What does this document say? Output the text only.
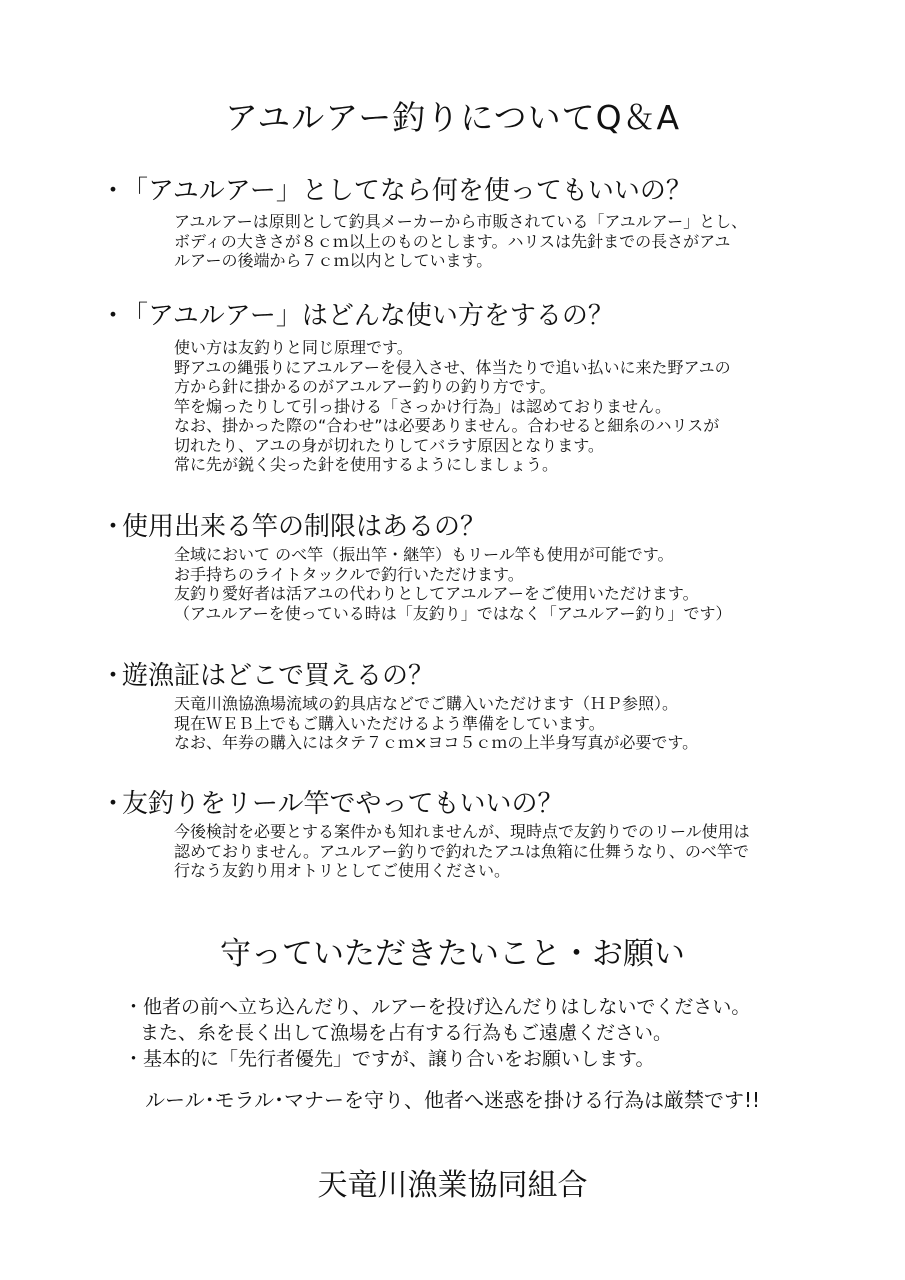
アユルアー釣りについてQ＆A
・「アユルアー」としてなら何を使ってもいいの？
アユルアーは原則として釣具メーカーから市販されている「アユルアー」とし、
ボディの大きさが８ｃｍ以上のものとします。ハリスは先針までの長さがアユ
ルアーの後端から７ｃｍ以内としています。
・「アユルアー」はどんな使い方をするの？
使い方は友釣りと同じ原理です。
野アユの縄張りにアユルアーを侵入させ、体当たりで追い払いに来た野アユの
方から針に掛かるのがアユルアー釣りの釣り方です。
竿を煽ったりして引っ掛ける「さっかけ行為」は認めておりません。
なお、掛かった際の“合わせ”は必要ありません。合わせると細糸のハリスが
切れたり、アユの身が切れたりしてバラす原因となります。
常に先が鋭く尖った針を使用するようにしましょう。
・使用出来る竿の制限はあるの？
全域において のべ竿（振出竿・継竿）もリール竿も使用が可能です。
お手持ちのライトタックルで釣行いただけます。
友釣り愛好者は活アユの代わりとしてアユルアーをご使用いただけます。
（アユルアーを使っている時は「友釣り」ではなく「アユルアー釣り」です）
・遊漁証はどこで買えるの？
天竜川漁協漁場流域の釣具店などでご購入いただけます（ＨＰ参照）。
現在ＷＥＢ上でもご購入いただけるよう準備をしています。
なお、年券の購入にはタテ７ｃｍ×ヨコ５ｃｍの上半身写真が必要です。
・友釣りをリール竿でやってもいいの？
今後検討を必要とする案件かも知れませんが、現時点で友釣りでのリール使用は
認めておりません。アユルアー釣りで釣れたアユは魚箱に仕舞うなり、のべ竿で
行なう友釣り用オトリとしてご使用ください。
守っていただきたいこと・お願い
・他者の前へ立ち込んだり、ルアーを投げ込んだりはしないでください。
また、糸を長く出して漁場を占有する行為もご遠慮ください。
・基本的に「先行者優先」ですが、譲り合いをお願いします。
ルール･モラル･マナーを守り、他者へ迷惑を掛ける行為は厳禁です!!
天竜川漁業協同組合
